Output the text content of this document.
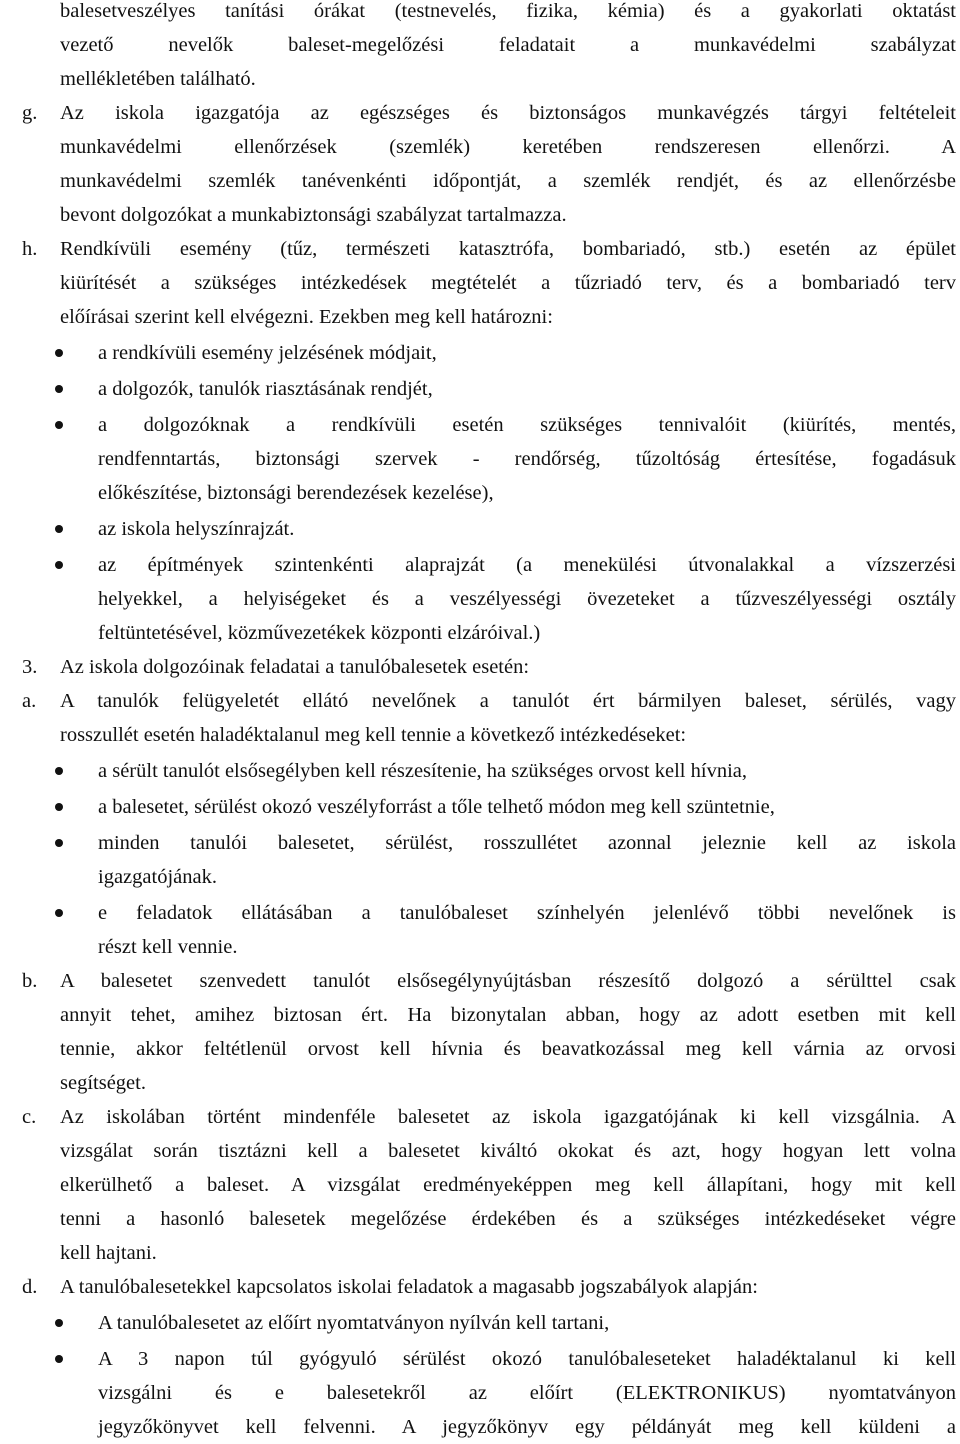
balesetveszélyes tanítási órákat (testnevelés, fizika, kémia) és a gyakorlati oktatást
vezető nevelők baleset-megelőzési feladatait a munkavédelmi szabályzat
mellékletében található.
g. Az iskola igazgatója az egészséges és biztonságos munkavégzés tárgyi feltételeit
munkavédelmi ellenőrzések (szemlék) keretében rendszeresen ellenőrzi. A
munkavédelmi szemlék tanévenkénti időpontját, a szemlék rendjét, és az ellenőrzésbe
bevont dolgozókat a munkabiztonsági szabályzat tartalmazza.
h. Rendkívüli esemény (tűz, természeti katasztrófa, bombariadó, stb.) esetén az épület
kiürítését a szükséges intézkedések megtételét a tűzriadó terv, és a bombariadó terv
előírásai szerint kell elvégezni. Ezekben meg kell határozni:
a rendkívüli esemény jelzésének módjait,
a dolgozók, tanulók riasztásának rendjét,
a dolgozóknak a rendkívüli esetén szükséges tennivalóit (kiürítés, mentés,
rendfenntartás, biztonsági szervek - rendőrség, tűzoltóság értesítése, fogadásuk
előkészítése, biztonsági berendezések kezelése),
az iskola helyszínrajzát.
az építmények szintenkénti alaprajzát (a menekülési útvonalakkal a vízszerzési
helyekkel, a helyiségeket és a veszélyességi övezeteket a tűzveszélyességi osztály
feltüntetésével, közművezetékek központi elzáróival.)
3. Az iskola dolgozóinak feladatai a tanulóbalesetek esetén:
a. A tanulók felügyeletét ellátó nevelőnek a tanulót ért bármilyen baleset, sérülés, vagy
rosszullét esetén haladéktalanul meg kell tennie a következő intézkedéseket:
a sérült tanulót elsősegélyben kell részesítenie, ha szükséges orvost kell hívnia,
a balesetet, sérülést okozó veszélyforrást a tőle telhető módon meg kell szüntetnie,
minden tanulói balesetet, sérülést, rosszullétet azonnal jeleznie kell az iskola
igazgatójának.
e feladatok ellátásában a tanulóbaleset színhelyén jelenlévő többi nevelőnek is
részt kell vennie.
b. A balesetet szenvedett tanulót elsősegélynyújtásban részesítő dolgozó a sérülttel csak
annyit tehet, amihez biztosan ért. Ha bizonytalan abban, hogy az adott esetben mit kell
tennie, akkor feltétlenül orvost kell hívnia és beavatkozással meg kell várnia az orvosi
segítséget.
c. Az iskolában történt mindenféle balesetet az iskola igazgatójának ki kell vizsgálnia. A
vizsgálat során tisztázni kell a balesetet kiváltó okokat és azt, hogy hogyan lett volna
elkerülhető a baleset. A vizsgálat eredményeképpen meg kell állapítani, hogy mit kell
tenni a hasonló balesetek megelőzése érdekében és a szükséges intézkedéseket végre
kell hajtani.
d. A tanulóbalesetekkel kapcsolatos iskolai feladatok a magasabb jogszabályok alapján:
A tanulóbalesetet az előírt nyomtatványon nyílván kell tartani,
A 3 napon túl gyógyuló sérülést okozó tanulóbaleseteket haladéktalanul ki kell
vizsgálni és e balesetekről az előírt (ELEKTRONIKUS) nyomtatványon
jegyzőkönyvet kell felvenni. A jegyzőkönyv egy példányát meg kell küldeni a
